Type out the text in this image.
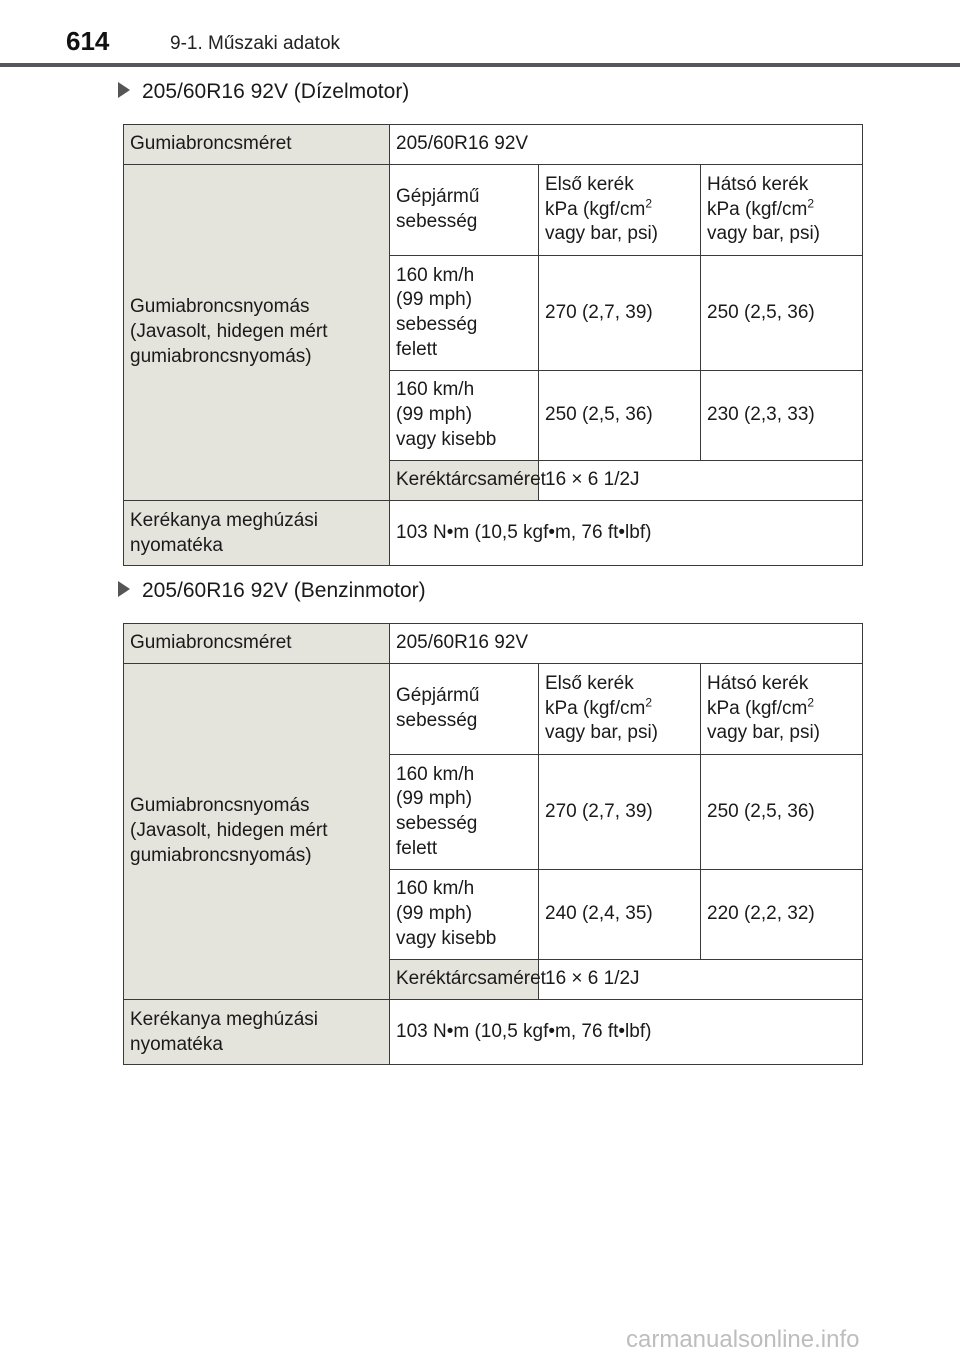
614	9-1. Műszaki adatok
205/60R16 92V (Dízelmotor)
Gumiabroncsméret	205/60R16 92V		
Gumiabroncsnyomás
(Javasolt, hidegen mért
gumiabroncsnyomás)	Gépjármű
sebesség	Első kerék
kPa ($kgf/cm^2$
vagy bar, psi)	Hátsó kerék
kPa ($kgf/cm^2$
vagy bar, psi)
	160 km/h
(99 mph)
sebesség
felett	270 (2,7, 39)	250 (2,5, 36)
	160 km/h
(99 mph)
vagy kisebb	250 (2,5, 36)	230 (2,3, 33)
	Keréktárcsaméret	16 × 6 1/2J	
Kerékanya meghúzási
nyomatéka	103 N•m (10,5 kgf•m, 76 ft•lbf)		
205/60R16 92V (Benzinmotor)
Gumiabroncsméret	205/60R16 92V		
Gumiabroncsnyomás
(Javasolt, hidegen mért
gumiabroncsnyomás)	Gépjármű
sebesség	Első kerék
kPa ($kgf/cm^2$
vagy bar, psi)	Hátsó kerék
kPa ($kgf/cm^2$
vagy bar, psi)
	160 km/h
(99 mph)
sebesség
felett	270 (2,7, 39)	250 (2,5, 36)
	160 km/h
(99 mph)
vagy kisebb	240 (2,4, 35)	220 (2,2, 32)
	Keréktárcsaméret	16 × 6 1/2J	
Kerékanya meghúzási
nyomatéka	103 N•m (10,5 kgf•m, 76 ft•lbf)		
carmanualsonline.info
